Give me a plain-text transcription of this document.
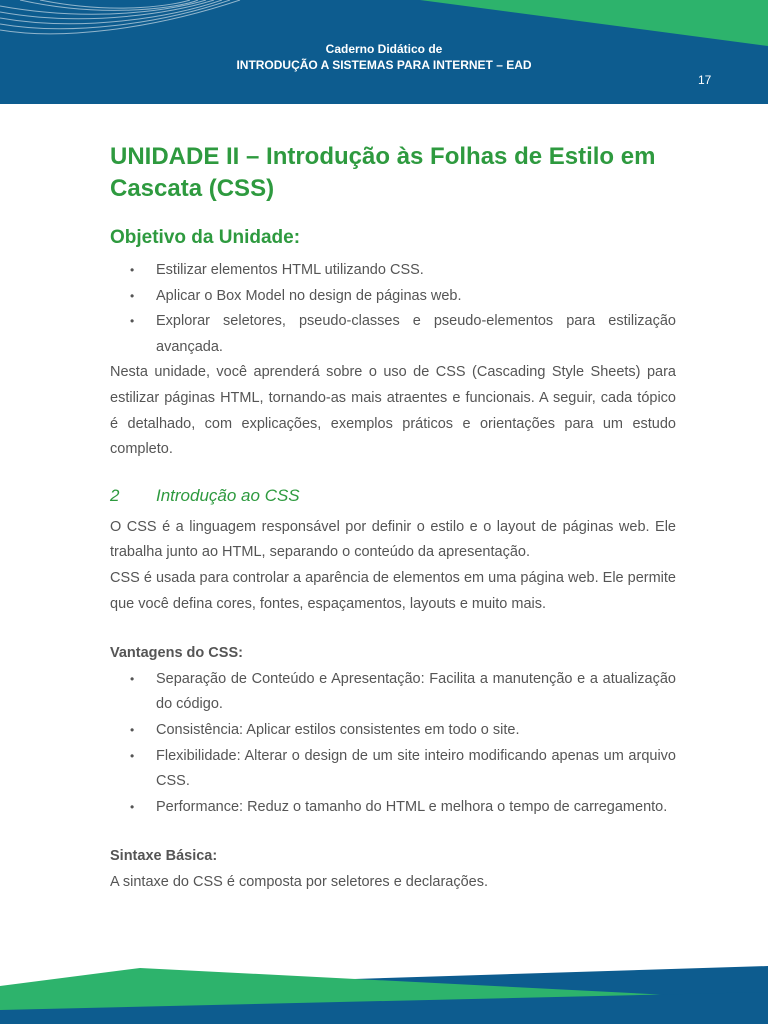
Caderno Didático de
INTRODUÇÃO A SISTEMAS PARA INTERNET – EAD
17
UNIDADE II – Introdução às Folhas de Estilo em Cascata (CSS)
Objetivo da Unidade:
• Estilizar elementos HTML utilizando CSS.
• Aplicar o Box Model no design de páginas web.
• Explorar seletores, pseudo-classes e pseudo-elementos para estilização avançada.

Nesta unidade, você aprenderá sobre o uso de CSS (Cascading Style Sheets) para estilizar páginas HTML, tornando-as mais atraentes e funcionais. A seguir, cada tópico é detalhado, com explicações, exemplos práticos e orientações para um estudo completo.

2 Introdução ao CSS

O CSS é a linguagem responsável por definir o estilo e o layout de páginas web. Ele trabalha junto ao HTML, separando o conteúdo da apresentação.

CSS é usada para controlar a aparência de elementos em uma página web. Ele permite que você defina cores, fontes, espaçamentos, layouts e muito mais.

Vantagens do CSS:

• Separação de Conteúdo e Apresentação: Facilita a manutenção e a atualização do código.
• Consistência: Aplicar estilos consistentes em todo o site.
• Flexibilidade: Alterar o design de um site inteiro modificando apenas um arquivo CSS.
• Performance: Reduz o tamanho do HTML e melhora o tempo de carregamento.

Sintaxe Básica:

A sintaxe do CSS é composta por seletores e declarações.
